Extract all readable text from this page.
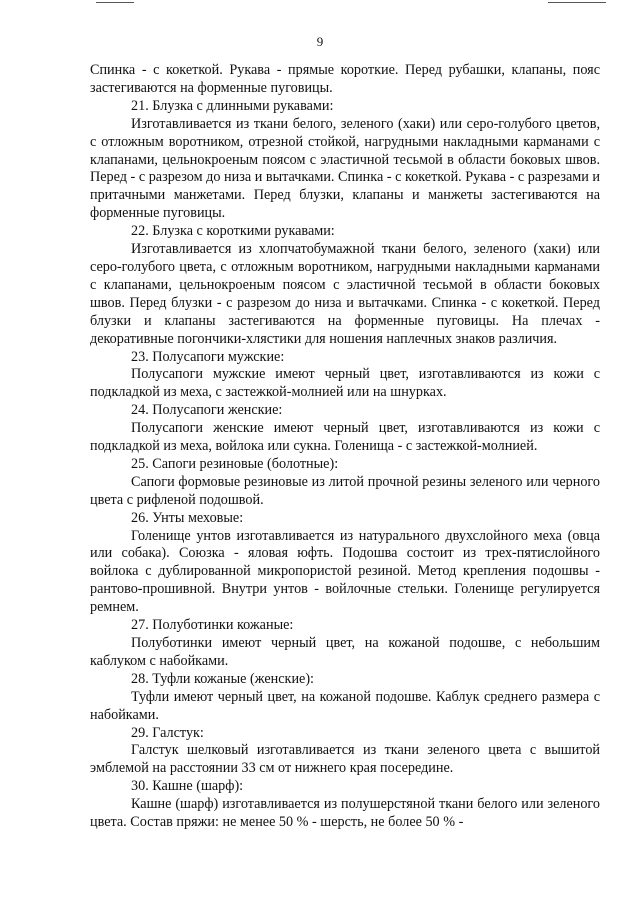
9

Спинка - с кокеткой. Рукава - прямые короткие. Перед рубашки, клапаны, пояс застегиваются на форменные пуговицы.

21. Блузка с длинными рукавами:

Изготавливается из ткани белого, зеленого (хаки) или серо-голубого цветов, с отложным воротником, отрезной стойкой, нагрудными накладными карманами с клапанами, цельнокроеным поясом с эластичной тесьмой в области боковых швов. Перед - с разрезом до низа и вытачками. Спинка - с кокеткой. Рукава - с разрезами и притачными манжетами. Перед блузки, клапаны и манжеты застегиваются на форменные пуговицы.

22. Блузка с короткими рукавами:

Изготавливается из хлопчатобумажной ткани белого, зеленого (хаки) или серо-голубого цвета, с отложным воротником, нагрудными накладными карманами с клапанами, цельнокроеным поясом с эластичной тесьмой в области боковых швов. Перед блузки - с разрезом до низа и вытачками. Спинка - с кокеткой. Перед блузки и клапаны застегиваются на форменные пуговицы. На плечах - декоративные погончики-хлястики для ношения наплечных знаков различия.

23. Полусапоги мужские:

Полусапоги мужские имеют черный цвет, изготавливаются из кожи с подкладкой из меха, с застежкой-молнией или на шнурках.

24. Полусапоги женские:

Полусапоги женские имеют черный цвет, изготавливаются из кожи с подкладкой из меха, войлока или сукна. Голенища - с застежкой-молнией.

25. Сапоги резиновые (болотные):

Сапоги формовые резиновые из литой прочной резины зеленого или черного цвета с рифленой подошвой.

26. Унты меховые:

Голенище унтов изготавливается из натурального двухслойного меха (овца или собака). Союзка - яловая юфть. Подошва состоит из трех-пятислойного войлока с дублированной микропористой резиной. Метод крепления подошвы - рантово-прошивной. Внутри унтов - войлочные стельки. Голенище регулируется ремнем.

27. Полуботинки кожаные:

Полуботинки имеют черный цвет, на кожаной подошве, с небольшим каблуком с набойками.

28. Туфли кожаные (женские):

Туфли имеют черный цвет, на кожаной подошве. Каблук среднего размера с набойками.

29. Галстук:

Галстук шелковый изготавливается из ткани зеленого цвета с вышитой эмблемой на расстоянии 33 см от нижнего края посередине.

30. Кашне (шарф):

Кашне (шарф) изготавливается из полушерстяной ткани белого или зеленого цвета. Состав пряжи: не менее 50 % - шерсть, не более 50 % -
